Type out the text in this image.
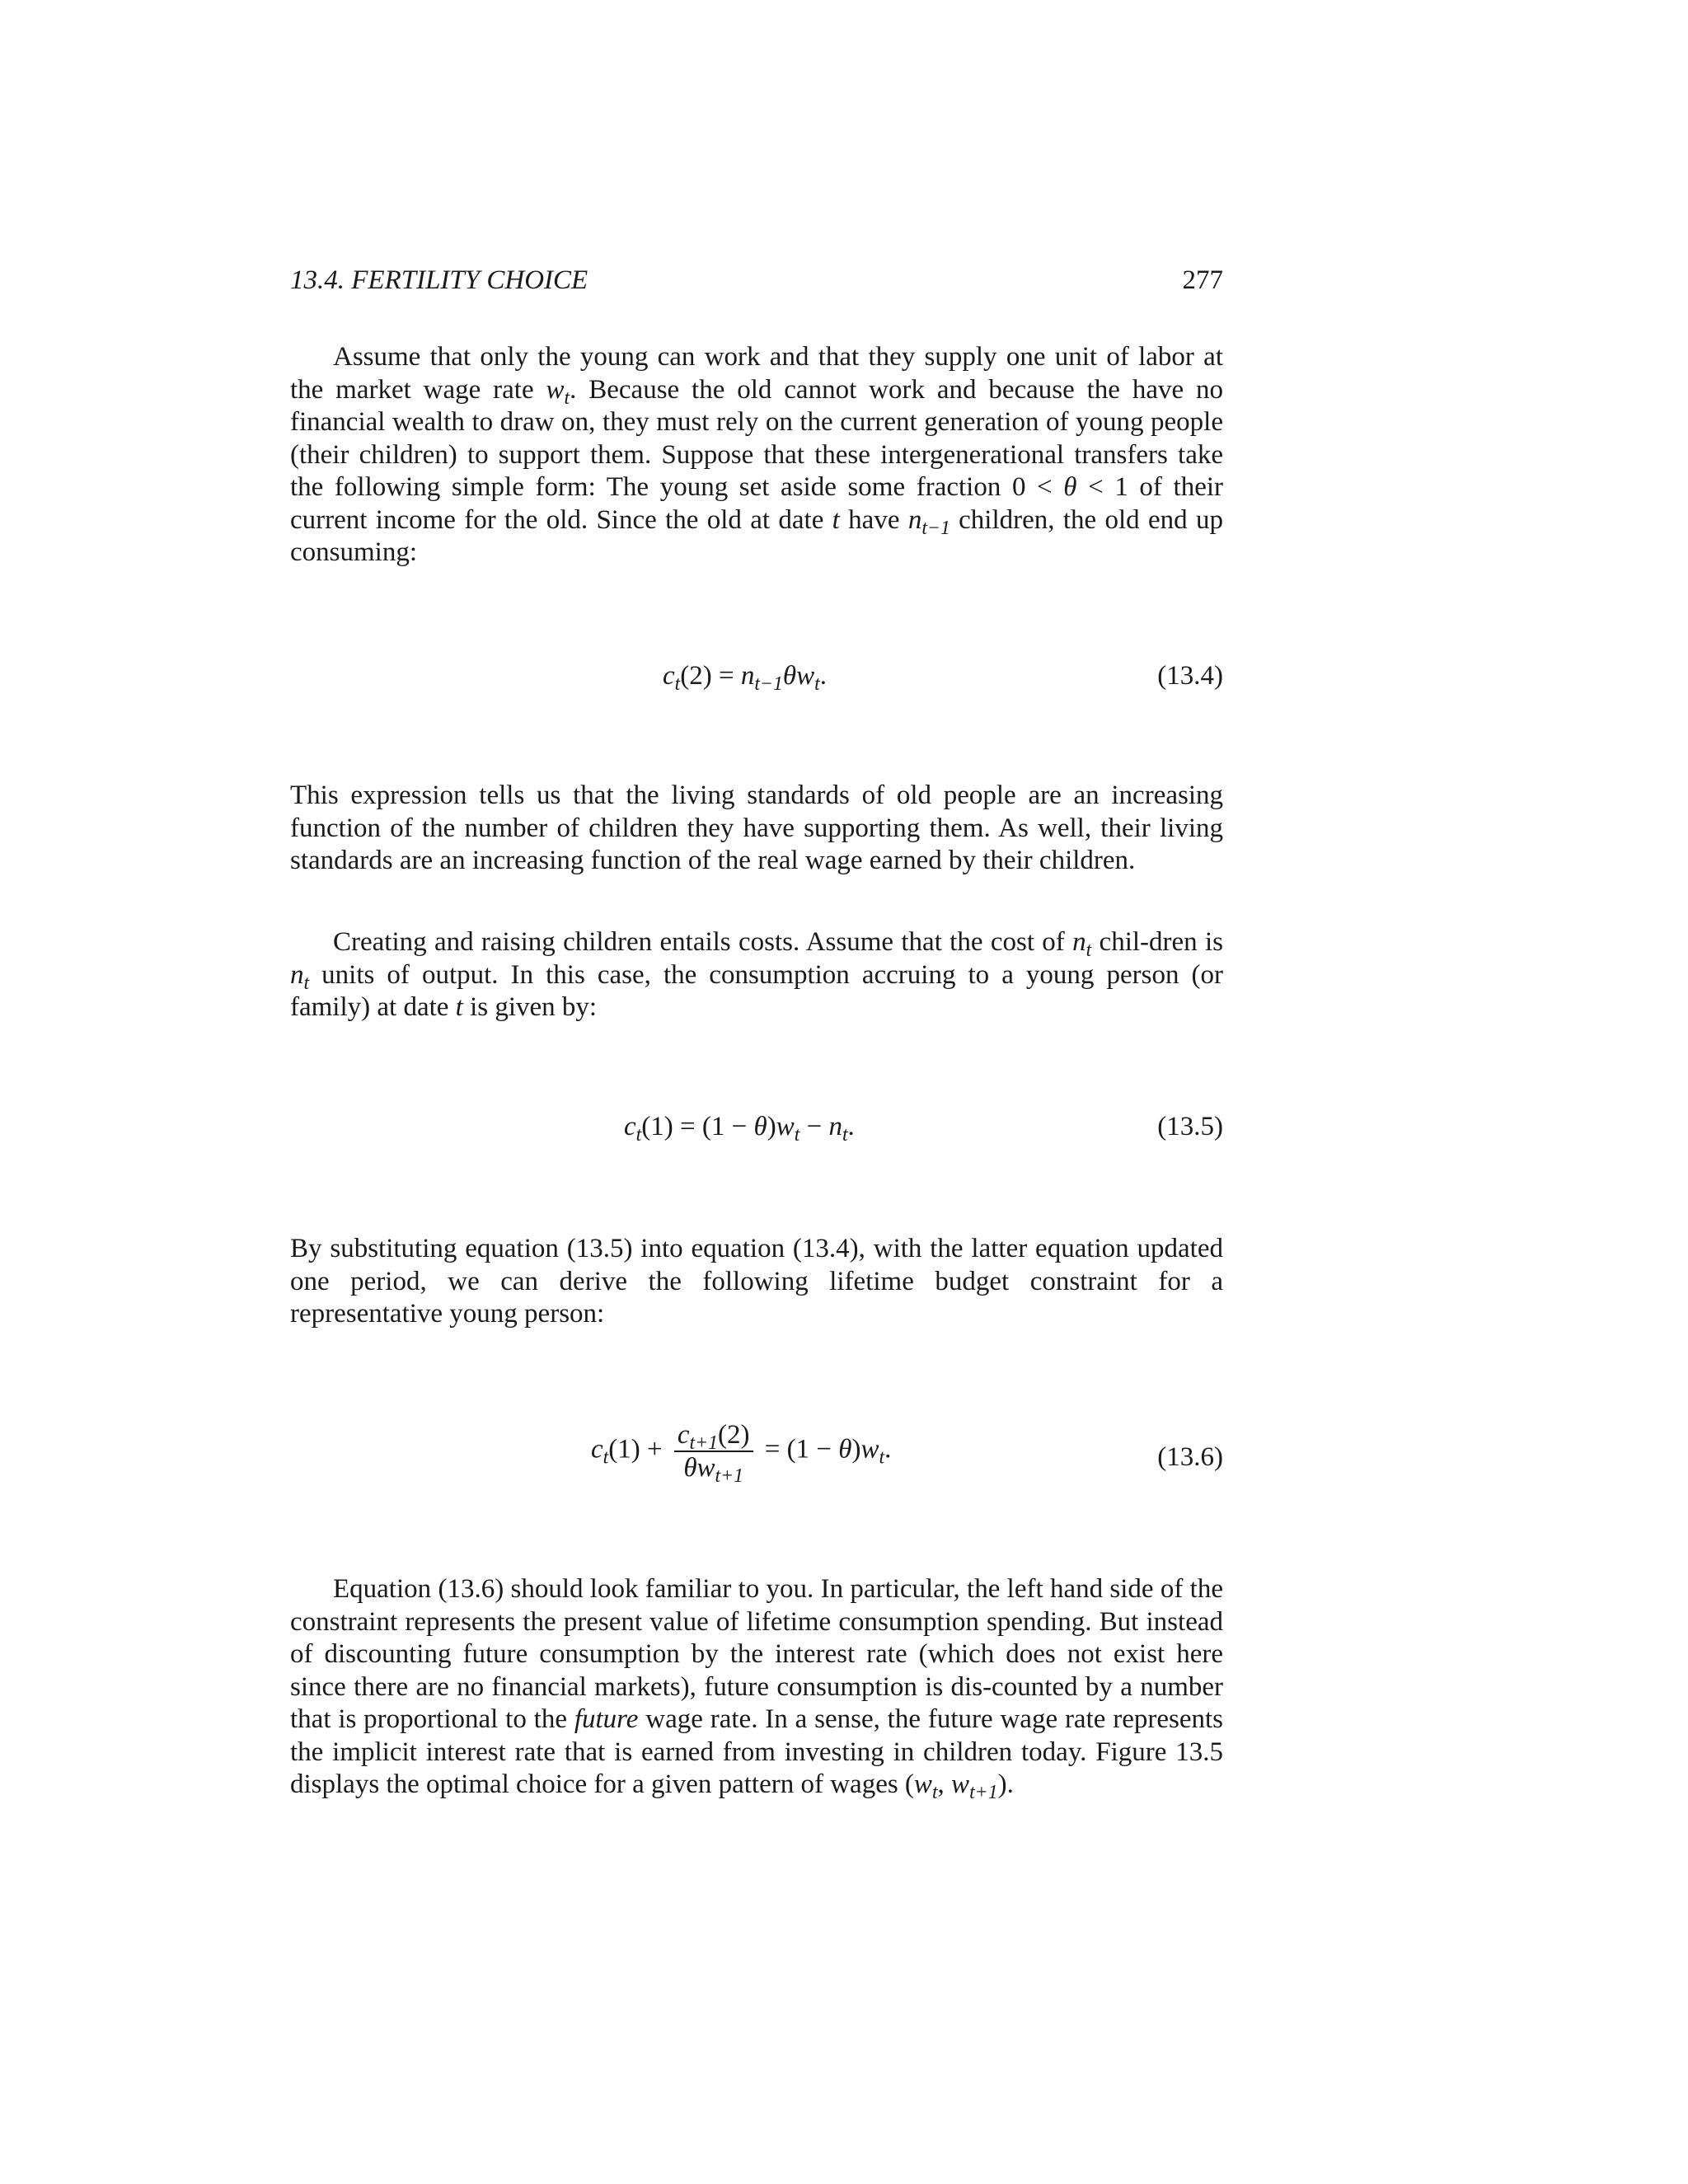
13.4. FERTILITY CHOICE	277

Assume that only the young can work and that they supply one unit of labor at the market wage rate $w_t$. Because the old cannot work and because the have no financial wealth to draw on, they must rely on the current generation of young people (their children) to support them. Suppose that these intergenerational transfers take the following simple form: The young set aside some fraction 0 < θ < 1 of their current income for the old. Since the old at date t have $n_{t-1}$ children, the old end up consuming:

$c_t(2) = n_{t-1}\theta w_t$.	(13.4)

This expression tells us that the living standards of old people are an increasing function of the number of children they have supporting them. As well, their living standards are an increasing function of the real wage earned by their children.

Creating and raising children entails costs. Assume that the cost of $n_t$ chil-dren is $n_t$ units of output. In this case, the consumption accruing to a young person (or family) at date t is given by:

$c_t(1) = (1 - \theta)w_t - n_t$.	(13.5)

By substituting equation (13.5) into equation (13.4), with the latter equation updated one period, we can derive the following lifetime budget constraint for a representative young person:

$c_t(1) + \frac{c_{t+1}(2)}{\theta w_{t+1}} = (1 - \theta)w_t$.	(13.6)

Equation (13.6) should look familiar to you. In particular, the left hand side of the constraint represents the present value of lifetime consumption spending. But instead of discounting future consumption by the interest rate (which does not exist here since there are no financial markets), future consumption is dis-counted by a number that is proportional to the future wage rate. In a sense, the future wage rate represents the implicit interest rate that is earned from investing in children today. Figure 13.5 displays the optimal choice for a given pattern of wages ($w_t$, $w_{t+1}$).
